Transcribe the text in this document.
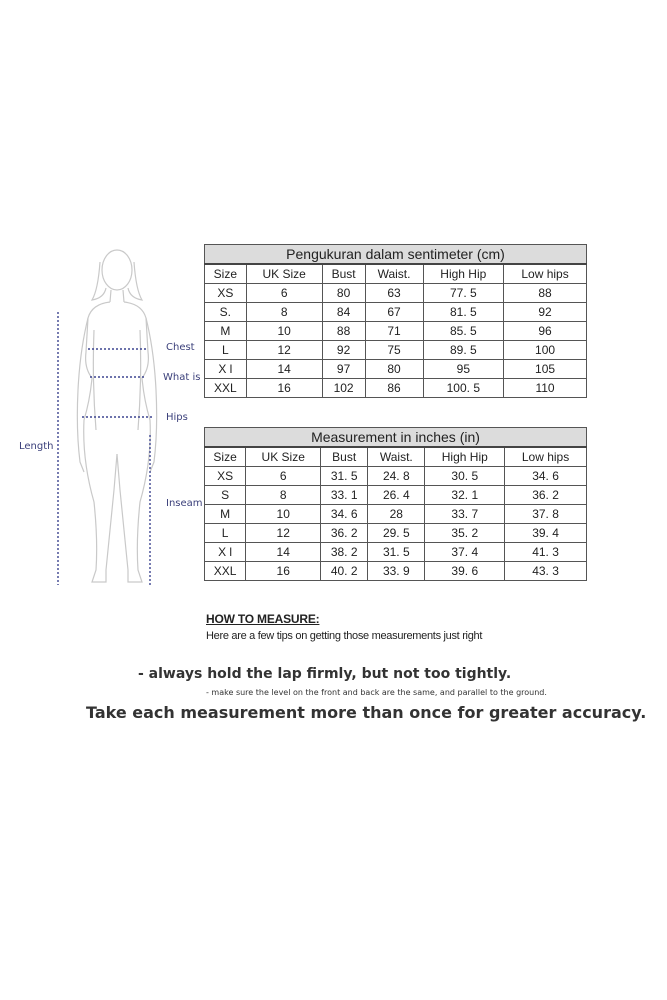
Length
Chest
What is
Hips
Inseam
Pengukuran dalam sentimeter (cm)					
Size	UK Size	Bust	Waist.	High Hip	Low hips
XS	6	80	63	77. 5	88
S.	8	84	67	81. 5	92
M	10	88	71	85. 5	96
L	12	92	75	89. 5	100
X l	14	97	80	95	105
XXL	16	102	86	100. 5	110
Measurement in inches (in)					
Size	UK Size	Bust	Waist.	High Hip	Low hips
XS	6	31. 5	24. 8	30. 5	34. 6
S	8	33. 1	26. 4	32. 1	36. 2
M	10	34. 6	28	33. 7	37. 8
L	12	36. 2	29. 5	35. 2	39. 4
X l	14	38. 2	31. 5	37. 4	41. 3
XXL	16	40. 2	33. 9	39. 6	43. 3
HOW TO MEASURE:
Here are a few tips on getting those measurements just right
- always hold the lap firmly, but not too tightly.
- make sure the level on the front and back are the same, and parallel to the ground.
Take each measurement more than once for greater accuracy.
